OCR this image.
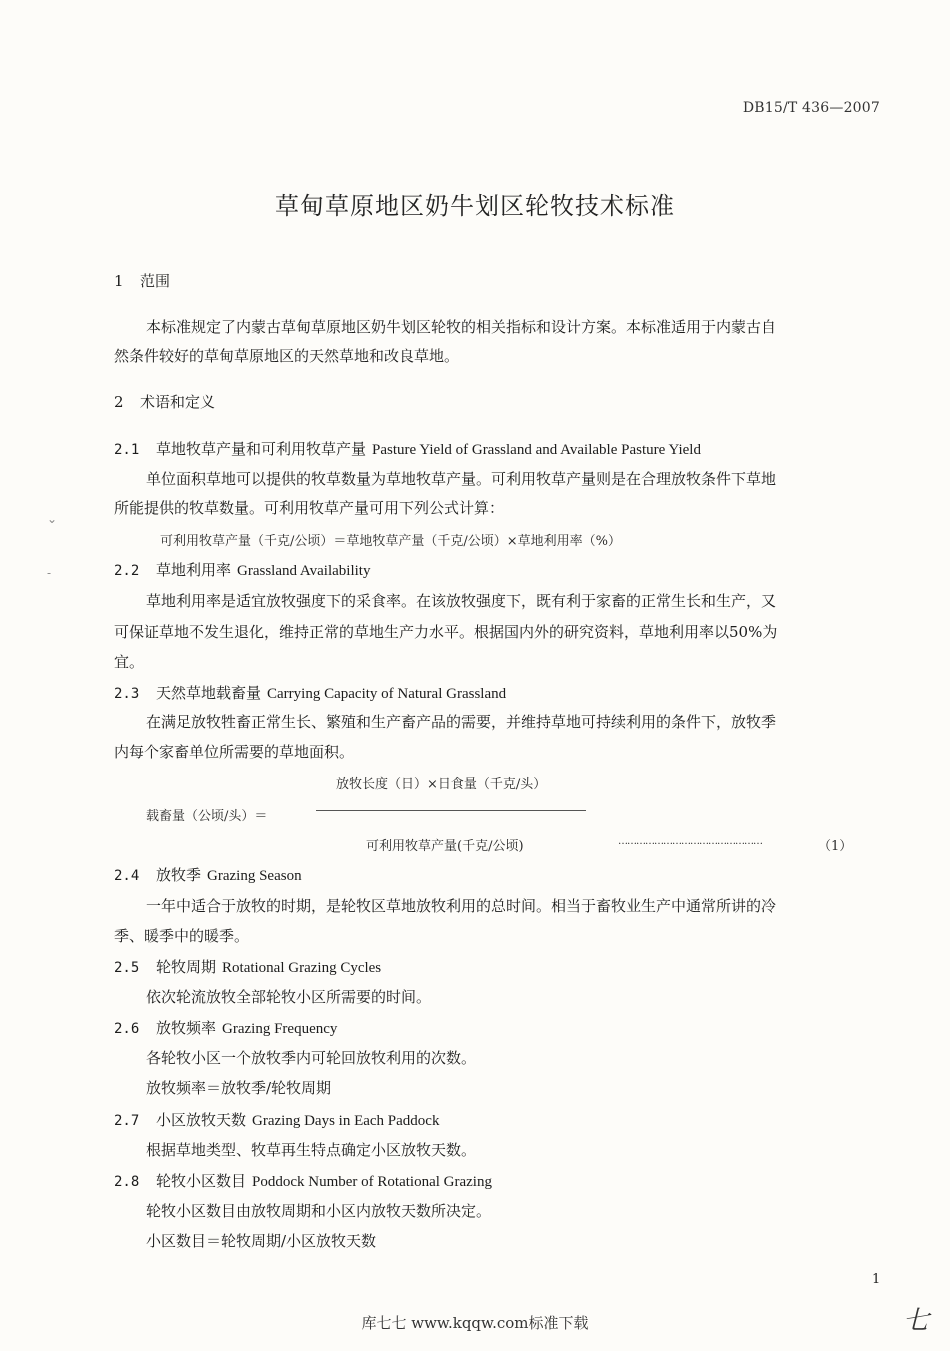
DB15/T 436—2007
草甸草原地区奶牛划区轮牧技术标准
1 范围
本标准规定了内蒙古草甸草原地区奶牛划区轮牧的相关指标和设计方案。本标准适用于内蒙古自
然条件较好的草甸草原地区的天然草地和改良草地。
2 术语和定义
2.1 草地牧草产量和可利用牧草产量 Pasture Yield of Grassland and Available Pasture Yield
单位面积草地可以提供的牧草数量为草地牧草产量。可利用牧草产量则是在合理放牧条件下草地
所能提供的牧草数量。可利用牧草产量可用下列公式计算：
可利用牧草产量（千克/公顷）＝草地牧草产量（千克/公顷）×草地利用率（%）
2.2 草地利用率 Grassland Availability
草地利用率是适宜放牧强度下的采食率。在该放牧强度下，既有利于家畜的正常生长和生产，又
可保证草地不发生退化，维持正常的草地生产力水平。根据国内外的研究资料，草地利用率以50%为
宜。
2.3 天然草地载畜量 Carrying Capacity of Natural Grassland
在满足放牧牲畜正常生长、繁殖和生产畜产品的需要，并维持草地可持续利用的条件下，放牧季
内每个家畜单位所需要的草地面积。
放牧长度（日）×日食量（千克/头）
载畜量（公顷/头）＝
可利用牧草产量(千克/公顷)	…………………………………………	（1）
2.4 放牧季 Grazing Season
一年中适合于放牧的时期，是轮牧区草地放牧利用的总时间。相当于畜牧业生产中通常所讲的冷
季、暖季中的暖季。
2.5 轮牧周期 Rotational Grazing Cycles
依次轮流放牧全部轮牧小区所需要的时间。
2.6 放牧频率 Grazing Frequency
各轮牧小区一个放牧季内可轮回放牧利用的次数。
放牧频率＝放牧季/轮牧周期
2.7 小区放牧天数 Grazing Days in Each Paddock
根据草地类型、牧草再生特点确定小区放牧天数。
2.8 轮牧小区数目 Poddock Number of Rotational Grazing
轮牧小区数目由放牧周期和小区内放牧天数所决定。
小区数目＝轮牧周期/小区放牧天数
1
库七七 www.kqqw.com标准下载	七
⌄
-
